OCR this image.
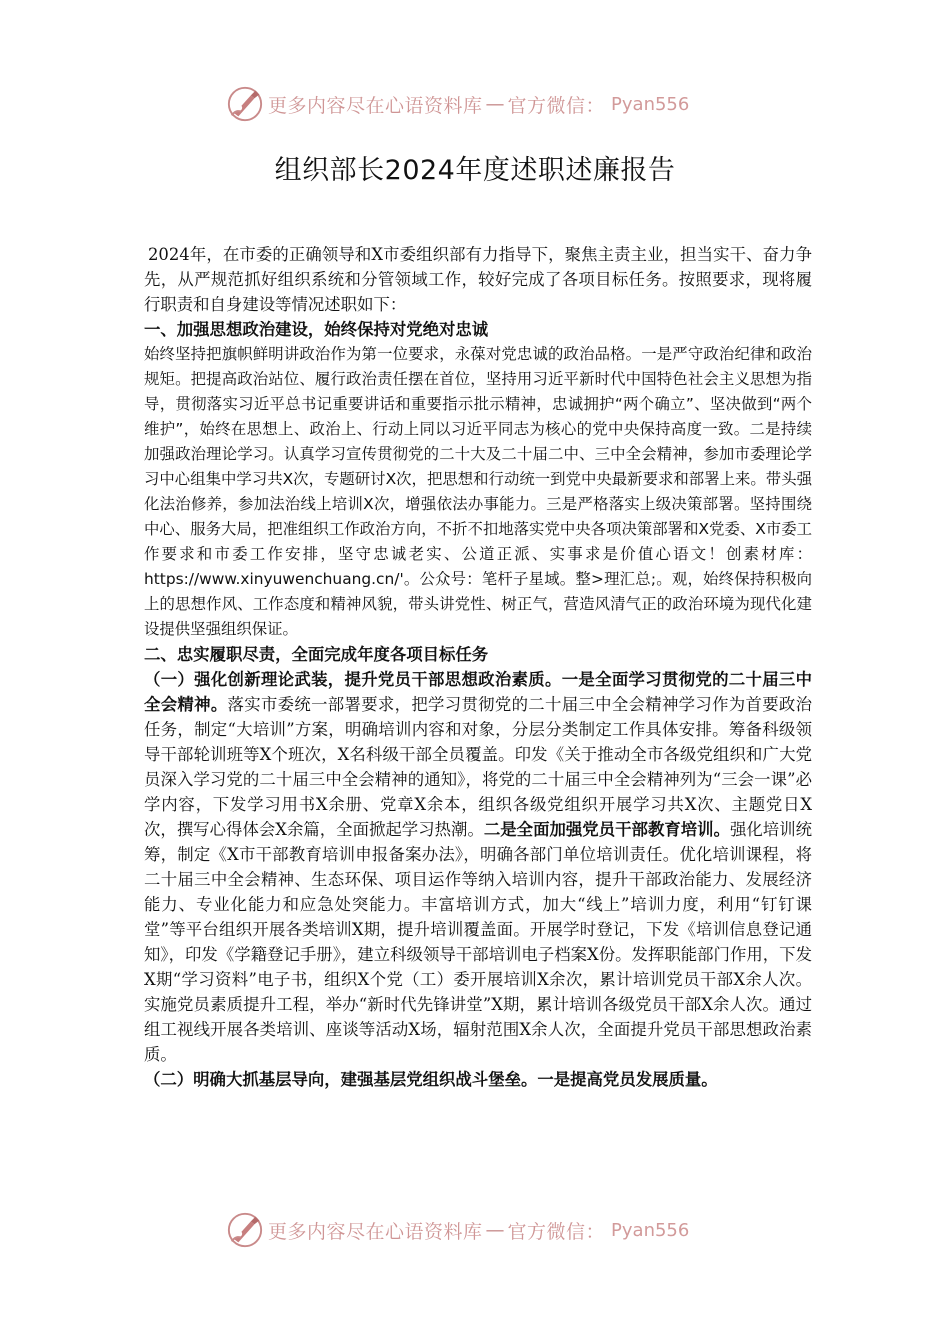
更多内容尽在心语资料库 — 官方微信： Pyan556
组织部长2024年度述职述廉报告

2024年，在市委的正确领导和X市委组织部有力指导下，聚焦主责主业，担当实干、奋力争先，从严规范抓好组织系统和分管领域工作，较好完成了各项目标任务。按照要求，现将履行职责和自身建设等情况述职如下：

一、加强思想政治建设，始终保持对党绝对忠诚

始终坚持把旗帜鲜明讲政治作为第一位要求，永葆对党忠诚的政治品格。一是严守政治纪律和政治规矩。把提高政治站位、履行政治责任摆在首位，坚持用习近平新时代中国特色社会主义思想为指导，贯彻落实习近平总书记重要讲话和重要指示批示精神，忠诚拥护“两个确立”、坚决做到“两个维护”，始终在思想上、政治上、行动上同以习近平同志为核心的党中央保持高度一致。二是持续加强政治理论学习。认真学习宣传贯彻党的二十大及二十届二中、三中全会精神，参加市委理论学习中心组集中学习共X次，专题研讨X次，把思想和行动统一到党中央最新要求和部署上来。带头强化法治修养，参加法治线上培训X次，增强依法办事能力。三是严格落实上级决策部署。坚持围绕中心、服务大局，把准组织工作政治方向，不折不扣地落实党中央各项决策部署和X党委、X市委工作要求和市委工作安排，坚守忠诚老实、公道正派、实事求是价值心语文！创素材库：https://www.xinyuwenchuang.cn/'。公众号：笔杆子星域。整>理汇总;。观，始终保持积极向上的思想作风、工作态度和精神风貌，带头讲党性、树正气，营造风清气正的政治环境为现代化建设提供坚强组织保证。

二、忠实履职尽责，全面完成年度各项目标任务

（一）强化创新理论武装，提升党员干部思想政治素质。一是全面学习贯彻党的二十届三中全会精神。落实市委统一部署要求，把学习贯彻党的二十届三中全会精神学习作为首要政治任务，制定“大培训”方案，明确培训内容和对象，分层分类制定工作具体安排。筹备科级领导干部轮训班等X个班次，X名科级干部全员覆盖。印发《关于推动全市各级党组织和广大党员深入学习党的二十届三中全会精神的通知》，将党的二十届三中全会精神列为“三会一课”必学内容，下发学习用书X余册、党章X余本，组织各级党组织开展学习共X次、主题党日X次，撰写心得体会X余篇，全面掀起学习热潮。二是全面加强党员干部教育培训。强化培训统筹，制定《X市干部教育培训申报备案办法》，明确各部门单位培训责任。优化培训课程，将二十届三中全会精神、生态环保、项目运作等纳入培训内容，提升干部政治能力、发展经济能力、专业化能力和应急处突能力。丰富培训方式，加大“线上”培训力度，利用“钉钉课堂”等平台组织开展各类培训X期，提升培训覆盖面。开展学时登记，下发《培训信息登记通知》，印发《学籍登记手册》，建立科级领导干部培训电子档案X份。发挥职能部门作用，下发X期“学习资料”电子书，组织X个党（工）委开展培训X余次，累计培训党员干部X余人次。实施党员素质提升工程，举办“新时代先锋讲堂”X期，累计培训各级党员干部X余人次。通过组工视线开展各类培训、座谈等活动X场，辐射范围X余人次，全面提升党员干部思想政治素质。

（二）明确大抓基层导向，建强基层党组织战斗堡垒。一是提高党员发展质量。

更多内容尽在心语资料库 — 官方微信： Pyan556
